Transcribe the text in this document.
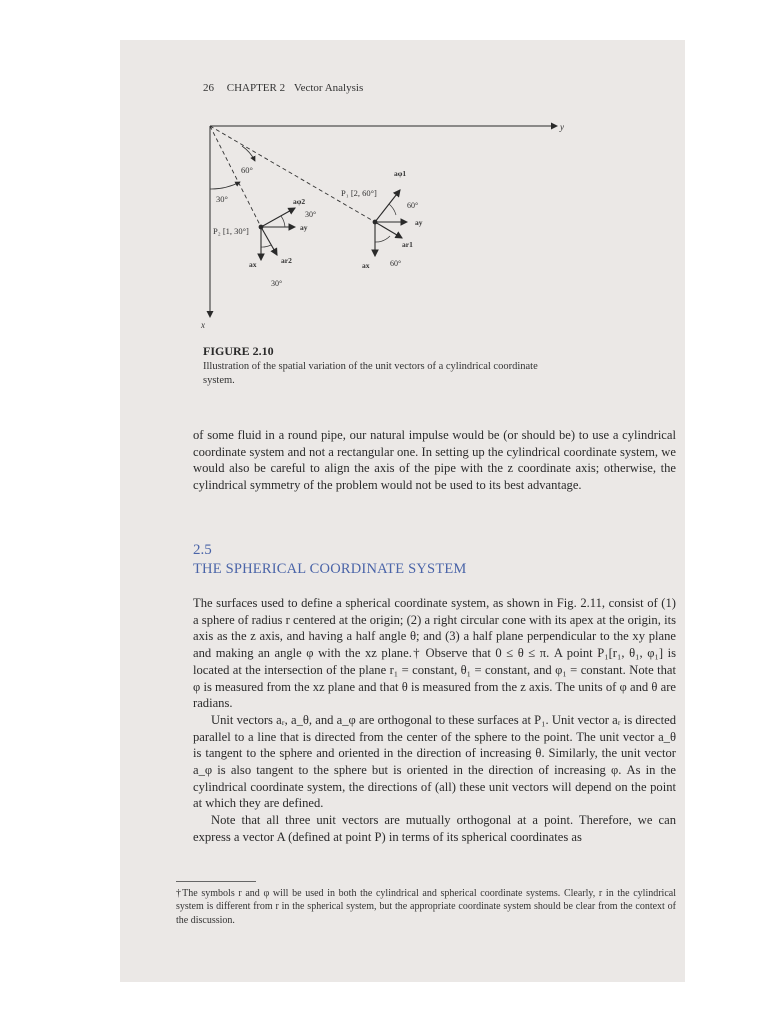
26 CHAPTER 2 Vector Analysis
y
x
60°
30°
P₁ [2, 60°]
aφ1
ay
ar1
ax
60°
60°
P₂ [1, 30°]
aφ2
ay
ar2
ax
30°
30°
FIGURE 2.10
Illustration of the spatial variation of the unit vectors of a cylindrical coordinate system.

of some fluid in a round pipe, our natural impulse would be (or should be) to use a cylindrical coordinate system and not a rectangular one. In setting up the cylindrical coordinate system, we would also be careful to align the axis of the pipe with the z coordinate axis; otherwise, the cylindrical symmetry of the problem would not be used to its best advantage.

2.5
THE SPHERICAL COORDINATE SYSTEM

The surfaces used to define a spherical coordinate system, as shown in Fig. 2.11, consist of (1) a sphere of radius r centered at the origin; (2) a right circular cone with its apex at the origin, its axis as the z axis, and having a half angle θ; and (3) a half plane perpendicular to the xy plane and making an angle φ with the xz plane.† Observe that 0 ≤ θ ≤ π. A point P₁[r₁, θ₁, φ₁] is located at the intersection of the plane r₁ = constant, θ₁ = constant, and φ₁ = constant. Note that φ is measured from the xz plane and that θ is measured from the z axis. The units of φ and θ are radians.

Unit vectors aᵣ, a_θ, and a_φ are orthogonal to these surfaces at P₁. Unit vector aᵣ is directed parallel to a line that is directed from the center of the sphere to the point. The unit vector a_θ is tangent to the sphere and oriented in the direction of increasing θ. Similarly, the unit vector a_φ is also tangent to the sphere but is oriented in the direction of increasing φ. As in the cylindrical coordinate system, the directions of (all) these unit vectors will depend on the point at which they are defined.

Note that all three unit vectors are mutually orthogonal at a point. Therefore, we can express a vector A (defined at point P) in terms of its spherical coordinates as

†The symbols r and φ will be used in both the cylindrical and spherical coordinate systems. Clearly, r in the cylindrical system is different from r in the spherical system, but the appropriate coordinate system should be clear from the context of the discussion.
